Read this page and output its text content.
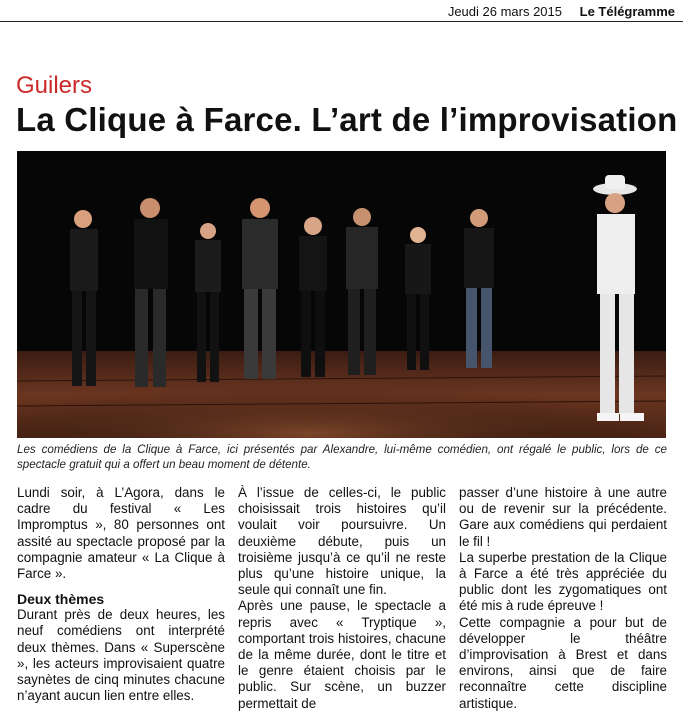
Jeudi 26 mars 2015 Le Télégramme
Guilers
La Clique à Farce. L’art de l’improvisation
Les comédiens de la Clique à Farce, ici présentés par Alexandre, lui-même comédien, ont régalé le public, lors de ce spectacle gratuit qui a offert un beau moment de détente.

Lundi soir, à L’Agora, dans le cadre du festival « Les Impromptus », 80 personnes ont assité au spectacle proposé par la compagnie amateur « La Clique à Farce ».

Deux thèmes

Durant près de deux heures, les neuf comédiens ont interprété deux thèmes. Dans « Superscène », les acteurs improvisaient quatre saynètes de cinq minutes chacune n’ayant aucun lien entre elles.

À l’issue de celles-ci, le public choisissait trois histoires qu’il voulait voir poursuivre. Un deuxième débute, puis un troisième jusqu’à ce qu’il ne reste plus qu’une histoire unique, la seule qui connaît une fin.

Après une pause, le spectacle a repris avec « Tryptique », comportant trois histoires, chacune de la même durée, dont le titre et le genre étaient choisis par le public. Sur scène, un buzzer permettait de

passer d’une histoire à une autre ou de revenir sur la précédente. Gare aux comédiens qui perdaient le fil !

La superbe prestation de la Clique à Farce a été très appréciée du public dont les zygomatiques ont été mis à rude épreuve !

Cette compagnie a pour but de développer le théâtre d’improvisation à Brest et dans environs, ainsi que de faire reconnaître cette discipline artistique.
